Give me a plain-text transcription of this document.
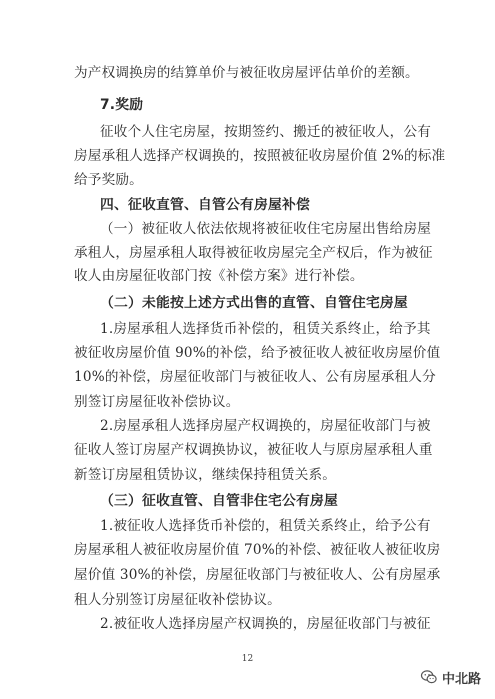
为产权调换房的结算单价与被征收房屋评估单价的差额。
7.奖励
征收个人住宅房屋，按期签约、搬迁的被征收人，公有
房屋承租人选择产权调换的，按照被征收房屋价值 2%的标准
给予奖励。
四、征收直管、自管公有房屋补偿
（一）被征收人依法依规将被征收住宅房屋出售给房屋
承租人，房屋承租人取得被征收房屋完全产权后，作为被征
收人由房屋征收部门按《补偿方案》进行补偿。
（二）未能按上述方式出售的直管、自管住宅房屋
1.房屋承租人选择货币补偿的，租赁关系终止，给予其
被征收房屋价值 90%的补偿，给予被征收人被征收房屋价值
10%的补偿，房屋征收部门与被征收人、公有房屋承租人分
别签订房屋征收补偿协议。
2.房屋承租人选择房屋产权调换的，房屋征收部门与被
征收人签订房屋产权调换协议，被征收人与原房屋承租人重
新签订房屋租赁协议，继续保持租赁关系。
（三）征收直管、自管非住宅公有房屋
1.被征收人选择货币补偿的，租赁关系终止，给予公有
房屋承租人被征收房屋价值 70%的补偿、被征收人被征收房
屋价值 30%的补偿，房屋征收部门与被征收人、公有房屋承
租人分别签订房屋征收补偿协议。
2.被征收人选择房屋产权调换的，房屋征收部门与被征
12
中北路
